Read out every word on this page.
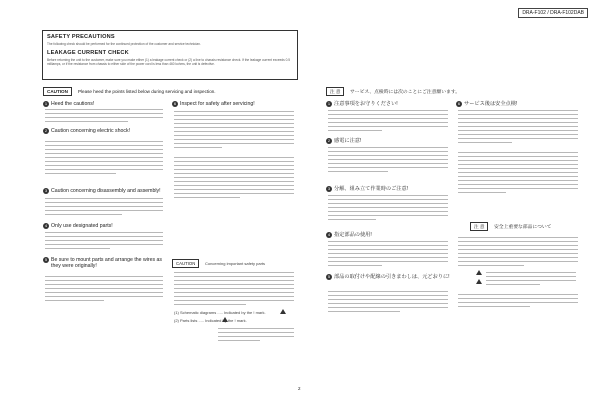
DRA-F102 / DRA-F102DAB
SAFETY PRECAUTIONS
The following check should be performed for the continued protection of the customer and service technician.
LEAKAGE CURRENT CHECK
Before returning the unit to the customer, make sure you make either (1) a leakage current check or (2) a line to chassis resistance check. If the leakage current exceeds 0.5 milliamps, or if the resistance from chassis to either side of the power cord is less than 460 kohms, the unit is defective.
CAUTION	Please heed the points listed below during servicing and inspection.
1 Heed the cautions!
2 Caution concerning electric shock!
3 Caution concerning disassembly and assembly!
4 Only use designated parts!
5 Be sure to mount parts and arrange the wires as they were originally!
6 Inspect for safety after servicing!
CAUTION	Concerning important safety parts
(1) Schematic diagrams ..... Indicated by the ! mark.
(2) Parts lists ..... Indicated by the ! mark.
注 意	サービス、点検時には次のことにご注意願います。
1 注意事項をお守りください!
2 感電に注意!
3 分解、組み立て作業時のご注意!
4 指定部品の使用!
5 部品の取付けや配線の引きまわしは、元どおりに!
6 サービス後は安全点検!
注 意	安全上重要な部品について
2
